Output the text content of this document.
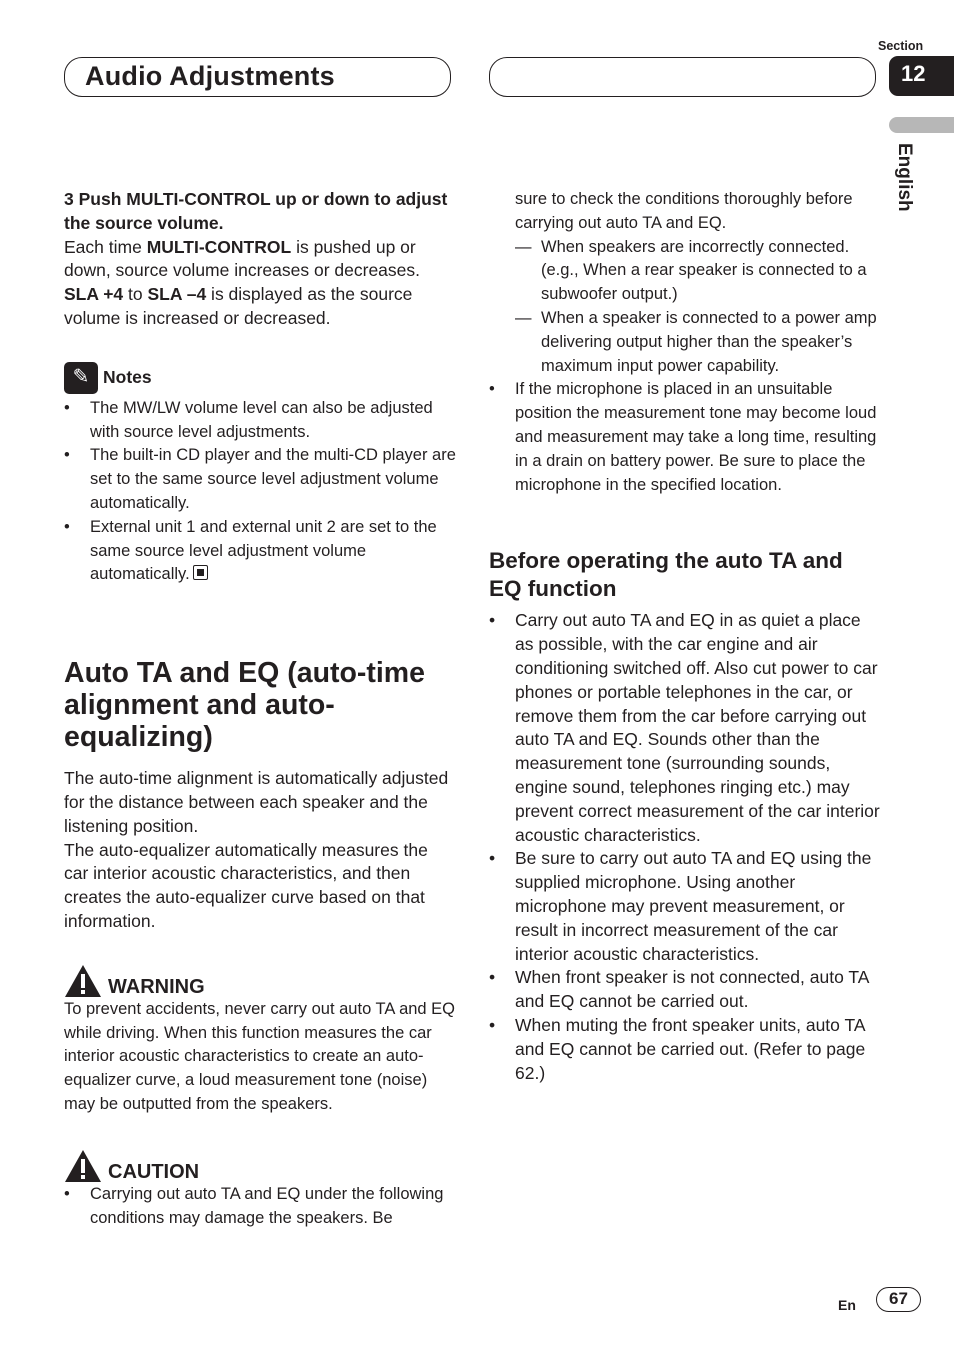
Audio Adjustments
Section
12
English

3 Push MULTI-CONTROL up or down to adjust the source volume.

Each time MULTI-CONTROL is pushed up or down, source volume increases or decreases. SLA +4 to SLA –4 is displayed as the source volume is increased or decreased.

✎ Notes
• The MW/LW volume level can also be adjusted with source level adjustments.
• The built-in CD player and the multi-CD player are set to the same source level adjustment volume automatically.
• External unit 1 and external unit 2 are set to the same source level adjustment volume automatically.
Auto TA and EQ (auto-time alignment and auto-equalizing)

The auto-time alignment is automatically adjusted for the distance between each speaker and the listening position.

The auto-equalizer automatically measures the car interior acoustic characteristics, and then creates the auto-equalizer curve based on that information.

WARNING

To prevent accidents, never carry out auto TA and EQ while driving. When this function measures the car interior acoustic characteristics to create an auto-equalizer curve, a loud measurement tone (noise) may be outputted from the speakers.

CAUTION
• Carrying out auto TA and EQ under the following conditions may damage the speakers. Be

sure to check the conditions thoroughly before carrying out auto TA and EQ.

— When speakers are incorrectly connected. (e.g., When a rear speaker is connected to a subwoofer output.)
— When a speaker is connected to a power amp delivering output higher than the speaker’s maximum input power capability.
• If the microphone is placed in an unsuitable position the measurement tone may become loud and measurement may take a long time, resulting in a drain on battery power. Be sure to place the microphone in the specified location.
Before operating the auto TA and EQ function
• Carry out auto TA and EQ in as quiet a place as possible, with the car engine and air conditioning switched off. Also cut power to car phones or portable telephones in the car, or remove them from the car before carrying out auto TA and EQ. Sounds other than the measurement tone (surrounding sounds, engine sound, telephones ringing etc.) may prevent correct measurement of the car interior acoustic characteristics.
• Be sure to carry out auto TA and EQ using the supplied microphone. Using another microphone may prevent measurement, or result in incorrect measurement of the car interior acoustic characteristics.
• When front speaker is not connected, auto TA and EQ cannot be carried out.
• When muting the front speaker units, auto TA and EQ cannot be carried out. (Refer to page 62.)
En	67
